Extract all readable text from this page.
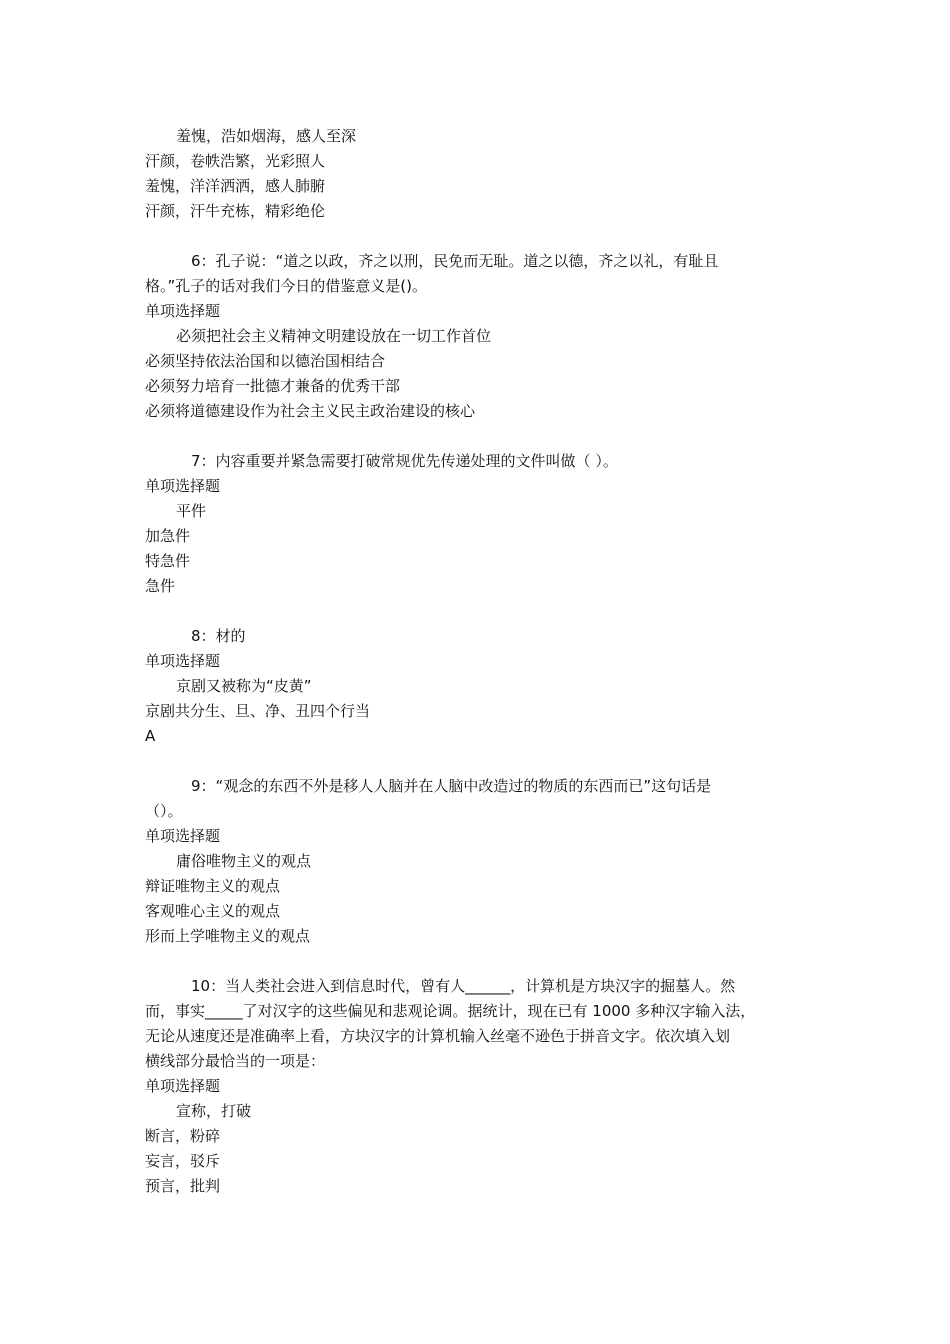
羞愧，浩如烟海，感人至深
汗颜，卷帙浩繁，光彩照人
羞愧，洋洋洒洒，感人肺腑
汗颜，汗牛充栋，精彩绝伦
6：孔子说：“道之以政，齐之以刑，民免而无耻。道之以德，齐之以礼，有耻且
格。”孔子的话对我们今日的借鉴意义是()。
单项选择题
必须把社会主义精神文明建设放在一切工作首位
必须坚持依法治国和以德治国相结合
必须努力培育一批德才兼备的优秀干部
必须将道德建设作为社会主义民主政治建设的核心
7：内容重要并紧急需要打破常规优先传递处理的文件叫做（ ）。
单项选择题
平件
加急件
特急件
急件
8：材的
单项选择题
京剧又被称为“皮黄”
京剧共分生、旦、净、丑四个行当
A
9：“观念的东西不外是移人人脑并在人脑中改造过的物质的东西而已”这句话是
（）。
单项选择题
庸俗唯物主义的观点
辩证唯物主义的观点
客观唯心主义的观点
形而上学唯物主义的观点
10：当人类社会进入到信息时代，曾有人______，计算机是方块汉字的掘墓人。然
而，事实_____了对汉字的这些偏见和悲观论调。据统计，现在已有 1000 多种汉字输入法，
无论从速度还是准确率上看，方块汉字的计算机输入丝毫不逊色于拼音文字。依次填入划
横线部分最恰当的一项是：
单项选择题
宣称，打破
断言，粉碎
妄言，驳斥
预言，批判
